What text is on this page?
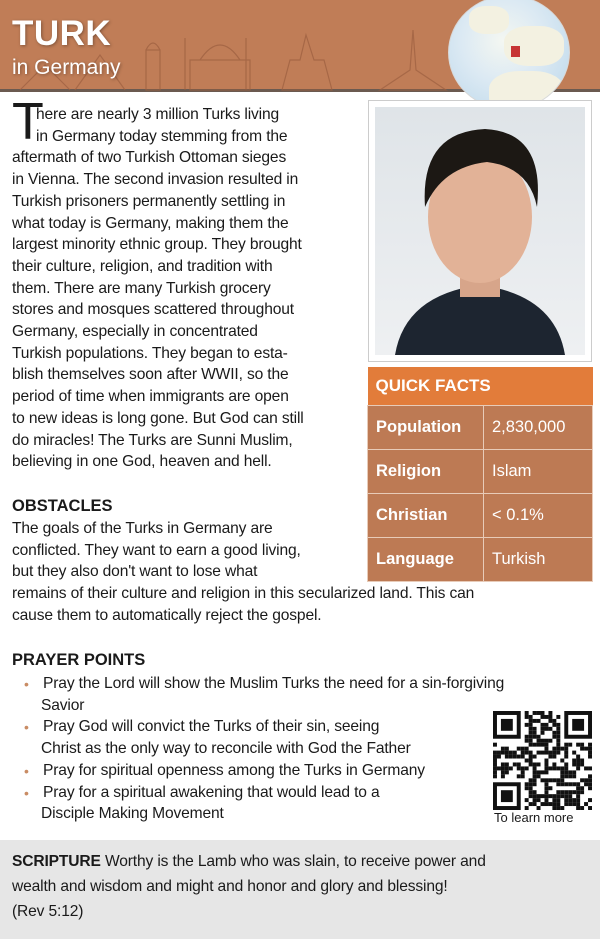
TURK
in Germany
T
here are nearly 3 million Turks living
in Germany today stemming from the
aftermath of two Turkish Ottoman sieges
in Vienna. The second invasion resulted in
Turkish prisoners permanently settling in
what today is Germany, making them the
largest minority ethnic group. They brought
their culture, religion, and tradition with
them. There are many Turkish grocery
stores and mosques scattered throughout
Germany, especially in concentrated
Turkish populations. They began to esta-
blish themselves soon after WWII, so the
period of time when immigrants are open
to new ideas is long gone. But God can still
do miracles! The Turks are Sunni Muslim,
believing in one God, heaven and hell.
QUICK FACTS	
Population	2,830,000
Religion	Islam
Christian	< 0.1%
Language	Turkish
OBSTACLES
The goals of the Turks in Germany are
conflicted. They want to earn a good living,
but they also don't want to lose what
remains of their culture and religion in this secularized land. This can
cause them to automatically reject the gospel.
PRAYER POINTS
• Pray the Lord will show the Muslim Turks the need for a sin-forgiving
Savior
• Pray God will convict the Turks of their sin, seeing
Christ as the only way to reconcile with God the Father
• Pray for spiritual openness among the Turks in Germany
• Pray for a spiritual awakening that would lead to a
Disciple Making Movement	To learn more
SCRIPTURE Worthy is the Lamb who was slain, to receive power and
wealth and wisdom and might and honor and glory and blessing!
(Rev 5:12)
